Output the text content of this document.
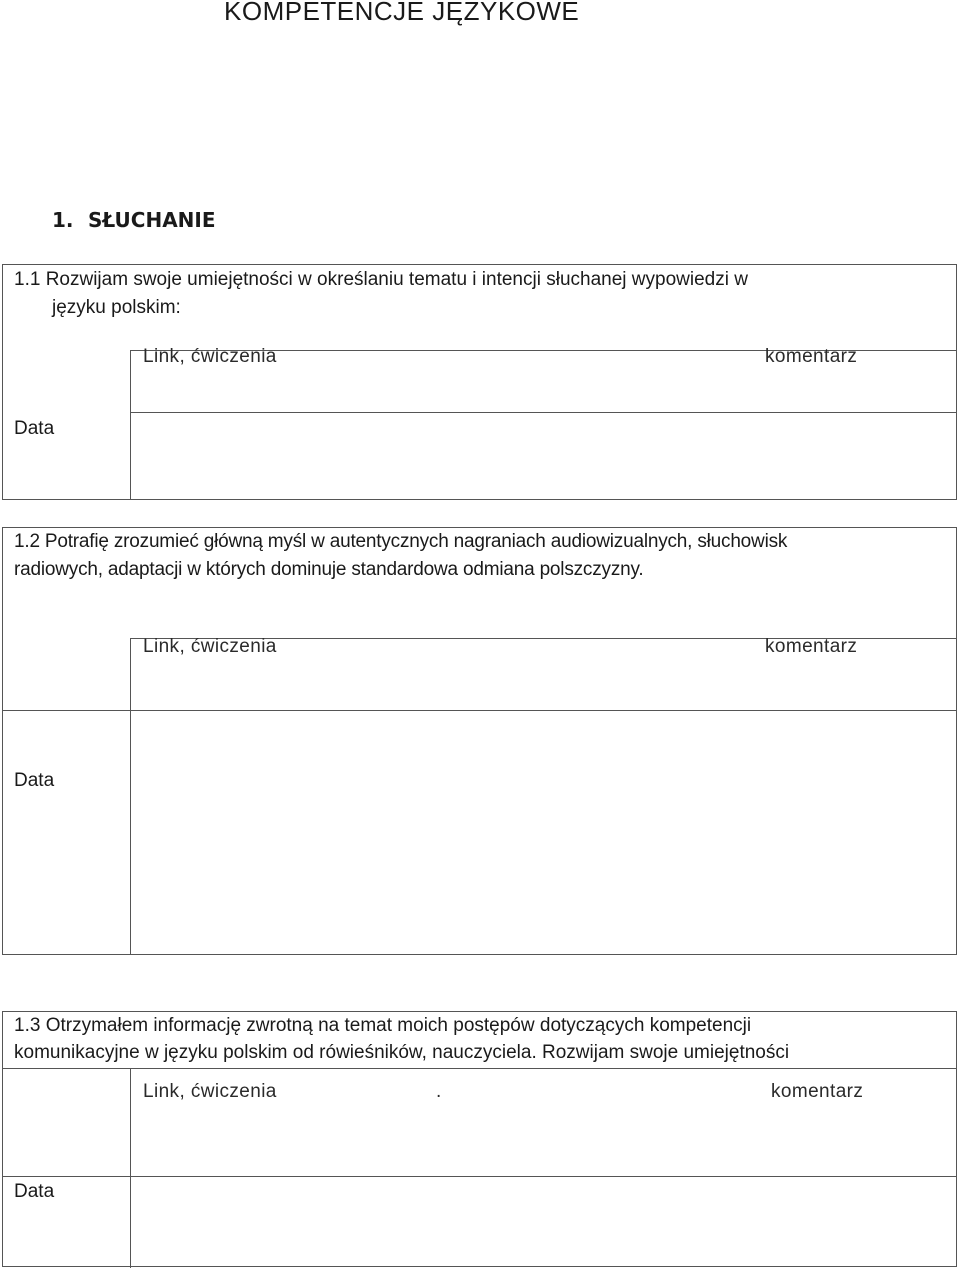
KOMPETENCJE JĘZYKOWE
1. SŁUCHANIE
1.1 Rozwijam swoje umiejętności w określaniu tematu i intencji słuchanej wypowiedzi w
języku polskim:
Link, ćwiczenia	komentarz
Data
1.2 Potrafię zrozumieć główną myśl w autentycznych nagraniach audiowizualnych, słuchowisk
radiowych, adaptacji w których dominuje standardowa odmiana polszczyzny.
Link, ćwiczenia	komentarz
Data
1.3 Otrzymałem informację zwrotną na temat moich postępów dotyczących kompetencji
komunikacyjne w języku polskim od rówieśników, nauczyciela. Rozwijam swoje umiejętności
Link, ćwiczenia	.	komentarz
Data
